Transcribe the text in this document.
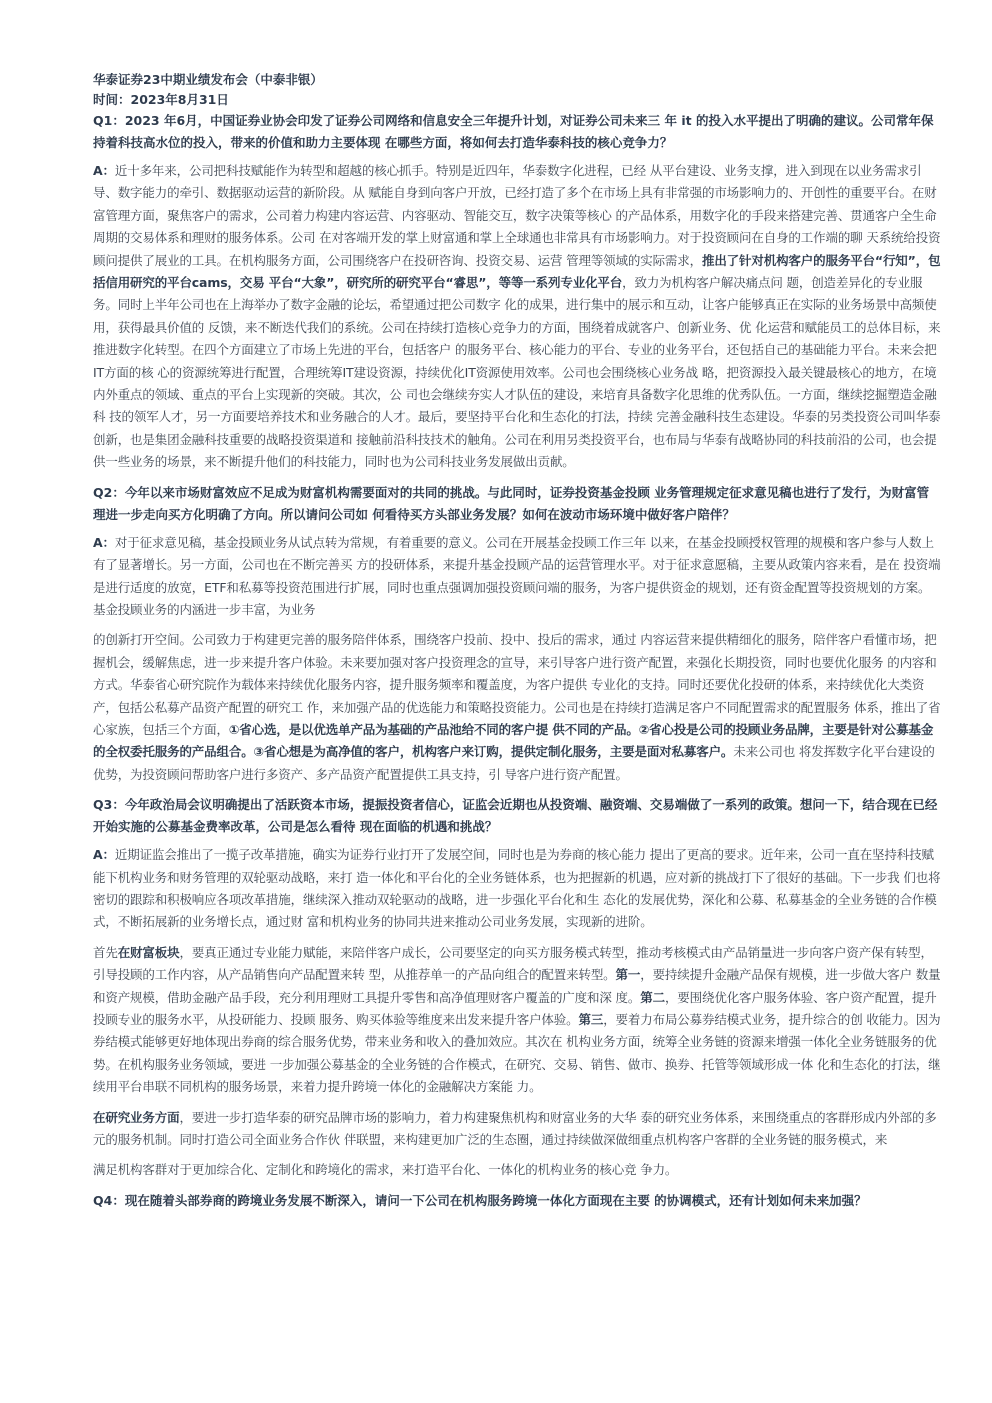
华泰证券23中期业绩发布会（中泰非银）

时间：2023年8月31日

Q1：2023 年6月，中国证券业协会印发了证券公司网络和信息安全三年提升计划，对证券公司未来三 年 it 的投入水平提出了明确的建议。公司常年保持着科技高水位的投入，带来的价值和助力主要体现 在哪些方面，将如何去打造华泰科技的核心竞争力？

A：近十多年来，公司把科技赋能作为转型和超越的核心抓手。特别是近四年，华泰数字化进程，已经 从平台建设、业务支撑，进入到现在以业务需求引导、数字能力的牵引、数据驱动运营的新阶段。从 赋能自身到向客户开放，已经打造了多个在市场上具有非常强的市场影响力的、开创性的重要平台。在财富管理方面，聚焦客户的需求，公司着力构建内容运营、内容驱动、智能交互，数字决策等核心 的产品体系，用数字化的手段来搭建完善、贯通客户全生命周期的交易体系和理财的服务体系。公司 在对客端开发的掌上财富通和掌上全球通也非常具有市场影响力。对于投资顾问在自身的工作端的聊 天系统给投资顾问提供了展业的工具。在机构服务方面，公司围绕客户在投研咨询、投资交易、运营 管理等领域的实际需求，推出了针对机构客户的服务平台“行知”，包括信用研究的平台cams，交易 平台“大象”，研究所的研究平台“睿思”，等等一系列专业化平台，致力为机构客户解决痛点问 题，创造差异化的专业服务。同时上半年公司也在上海举办了数字金融的论坛，希望通过把公司数字 化的成果，进行集中的展示和互动，让客户能够真正在实际的业务场景中高频使用，获得最具价值的 反馈，来不断迭代我们的系统。公司在持续打造核心竞争力的方面，围绕着成就客户、创新业务、优 化运营和赋能员工的总体目标，来推进数字化转型。在四个方面建立了市场上先进的平台，包括客户 的服务平台、核心能力的平台、专业的业务平台，还包括自己的基础能力平台。未来会把IT方面的核 心的资源统筹进行配置，合理统筹IT建设资源，持续优化IT资源使用效率。公司也会围绕核心业务战 略，把资源投入最关键最核心的地方，在境内外重点的领域、重点的平台上实现新的突破。其次，公 司也会继续夯实人才队伍的建设，来培育具备数字化思维的优秀队伍。一方面，继续挖掘塑造金融科 技的领军人才，另一方面要培养技术和业务融合的人才。最后，要坚持平台化和生态化的打法，持续 完善金融科技生态建设。华泰的另类投资公司叫华泰创新，也是集团金融科技重要的战略投资渠道和 接触前沿科技技术的触角。公司在利用另类投资平台，也布局与华泰有战略协同的科技前沿的公司，也会提供一些业务的场景，来不断提升他们的科技能力，同时也为公司科技业务发展做出贡献。

Q2：今年以来市场财富效应不足成为财富机构需要面对的共同的挑战。与此同时，证券投资基金投顾 业务管理规定征求意见稿也进行了发行，为财富管理进一步走向买方化明确了方向。所以请问公司如 何看待买方头部业务发展？如何在波动市场环境中做好客户陪伴？

A：对于征求意见稿，基金投顾业务从试点转为常规，有着重要的意义。公司在开展基金投顾工作三年 以来，在基金投顾授权管理的规模和客户参与人数上有了显著增长。另一方面，公司也在不断完善买 方的投研体系，来提升基金投顾产品的运营管理水平。对于征求意愿稿，主要从政策内容来看，是在 投资端是进行适度的放宽，ETF和私募等投资范围进行扩展，同时也重点强调加强投资顾问端的服务，为客户提供资金的规划，还有资金配置等投资规划的方案。基金投顾业务的内涵进一步丰富，为业务

的创新打开空间。公司致力于构建更完善的服务陪伴体系，围绕客户投前、投中、投后的需求，通过 内容运营来提供精细化的服务，陪伴客户看懂市场，把握机会，缓解焦虑，进一步来提升客户体验。未来要加强对客户投资理念的宣导，来引导客户进行资产配置，来强化长期投资，同时也要优化服务 的内容和方式。华泰省心研究院作为载体来持续优化服务内容，提升服务频率和覆盖度，为客户提供 专业化的支持。同时还要优化投研的体系，来持续优化大类资产，包括公私募产品资产配置的研究工 作，来加强产品的优选能力和策略投资能力。公司也是在持续打造满足客户不同配置需求的配置服务 体系，推出了省心家族，包括三个方面，①省心选，是以优选单产品为基础的产品池给不同的客户提 供不同的产品。②省心投是公司的投顾业务品牌，主要是针对公募基金的全权委托服务的产品组合。③省心想是为高净值的客户，机构客户来订购，提供定制化服务，主要是面对私募客户。未来公司也 将发挥数字化平台建设的优势，为投资顾问帮助客户进行多资产、多产品资产配置提供工具支持，引 导客户进行资产配置。

Q3：今年政治局会议明确提出了活跃资本市场，提振投资者信心，证监会近期也从投资端、融资端、交易端做了一系列的政策。想问一下，结合现在已经开始实施的公募基金费率改革，公司是怎么看待 现在面临的机遇和挑战？

A：近期证监会推出了一揽子改革措施，确实为证券行业打开了发展空间，同时也是为券商的核心能力 提出了更高的要求。近年来，公司一直在坚持科技赋能下机构业务和财务管理的双轮驱动战略，来打 造一体化和平台化的全业务链体系，也为把握新的机遇，应对新的挑战打下了很好的基础。下一步我 们也将密切的跟踪和积极响应各项改革措施，继续深入推动双轮驱动的战略，进一步强化平台化和生 态化的发展优势，深化和公募、私募基金的全业务链的合作模式，不断拓展新的业务增长点，通过财 富和机构业务的协同共进来推动公司业务发展，实现新的进阶。

首先在财富板块，要真正通过专业能力赋能，来陪伴客户成长，公司要坚定的向买方服务模式转型，推动考核模式由产品销量进一步向客户资产保有转型，引导投顾的工作内容，从产品销售向产品配置来转 型，从推荐单一的产品向组合的配置来转型。第一，要持续提升金融产品保有规模，进一步做大客户 数量和资产规模，借助金融产品手段，充分利用理财工具提升零售和高净值理财客户覆盖的广度和深 度。第二，要围绕优化客户服务体验、客户资产配置，提升投顾专业的服务水平，从投研能力、投顾 服务、购买体验等维度来出发来提升客户体验。第三，要着力布局公募券结模式业务，提升综合的创 收能力。因为券结模式能够更好地体现出券商的综合服务优势，带来业务和收入的叠加效应。其次在 机构业务方面，统筹全业务链的资源来增强一体化全业务链服务的优势。在机构服务业务领域，要进 一步加强公募基金的全业务链的合作模式，在研究、交易、销售、做市、换券、托管等领域形成一体 化和生态化的打法，继续用平台串联不同机构的服务场景，来着力提升跨境一体化的金融解决方案能 力。

在研究业务方面，要进一步打造华泰的研究品牌市场的影响力，着力构建聚焦机构和财富业务的大华 泰的研究业务体系，来围绕重点的客群形成内外部的多元的服务机制。同时打造公司全面业务合作伙 伴联盟，来构建更加广泛的生态圈，通过持续做深做细重点机构客户客群的全业务链的服务模式，来

满足机构客群对于更加综合化、定制化和跨境化的需求，来打造平台化、一体化的机构业务的核心竞 争力。

Q4：现在随着头部券商的跨境业务发展不断深入，请问一下公司在机构服务跨境一体化方面现在主要 的协调模式，还有计划如何未来加强？
